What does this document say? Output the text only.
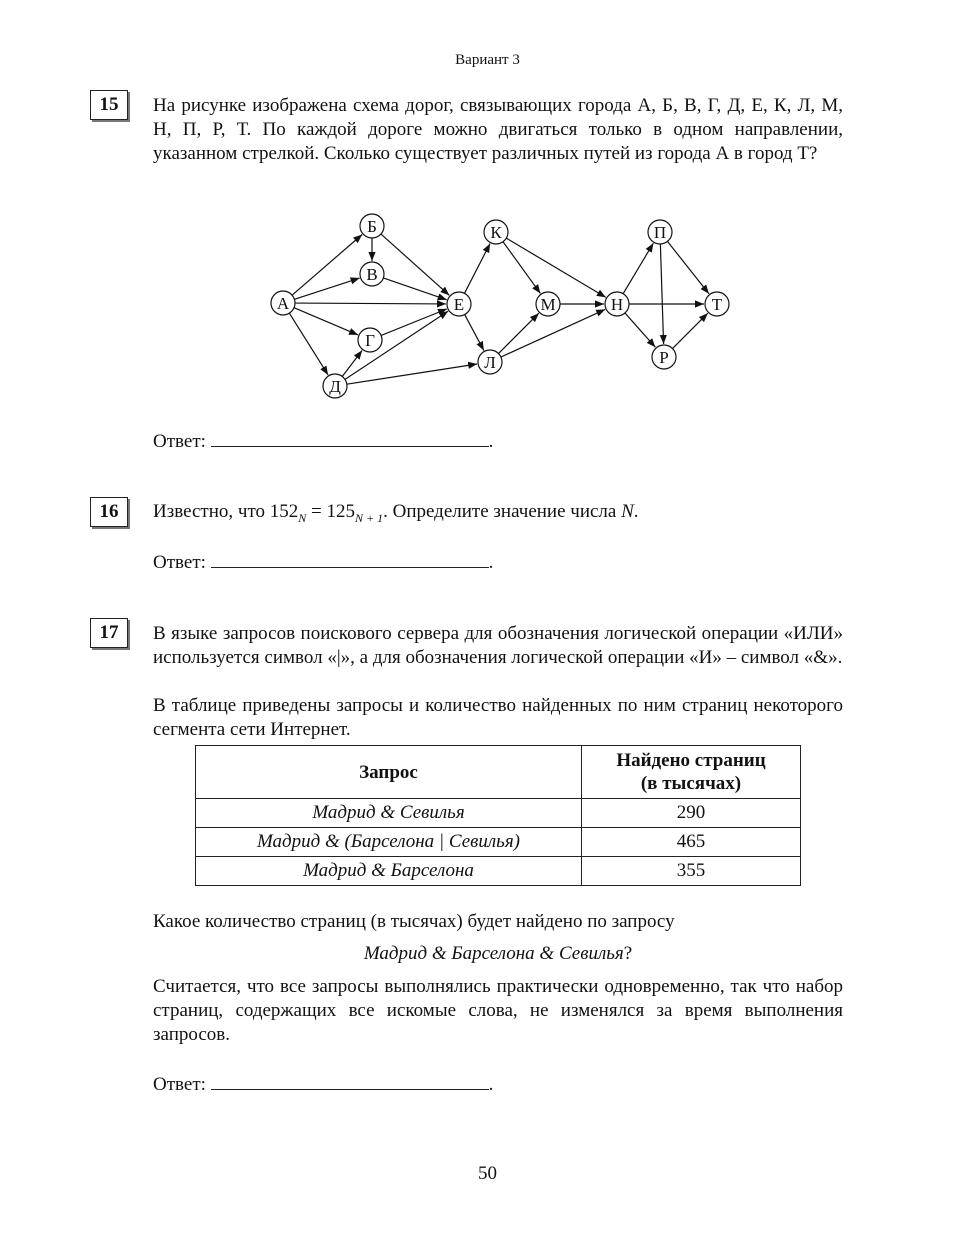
Вариант 3
15	На рисунке изображена схема дорог, связывающих города А, Б, В, Г, Д, Е, К, Л, М, Н, П, Р, Т. По каждой дороге можно двигаться только в одном направлении, указанном стрелкой. Сколько существует различных путей из города А в город Т?
А
Б
В
Г
Д
Е
К
Л
М	Н
П
Р
Т
Ответ:	.
16	Известно, что $152_N = 125_{N + 1}$. Определите значение числа N.
Ответ:	.
17	В языке запросов поискового сервера для обозначения логической операции «ИЛИ» используется символ «|», а для обозначения логической операции «И» – символ «&».
В таблице приведены запросы и количество найденных по ним страниц некоторого сегмента сети Интернет.
Запрос	Найдено страниц
(в тысячах)
Мадрид & Севилья	290
Мадрид & (Барселона | Севилья)	465
Мадрид & Барселона	355
Какое количество страниц (в тысячах) будет найдено по запросу
Мадрид & Барселона & Севилья?
Считается, что все запросы выполнялись практически одновременно, так что набор страниц, содержащих все искомые слова, не изменялся за время выполнения запросов.
Ответ:	.
50
